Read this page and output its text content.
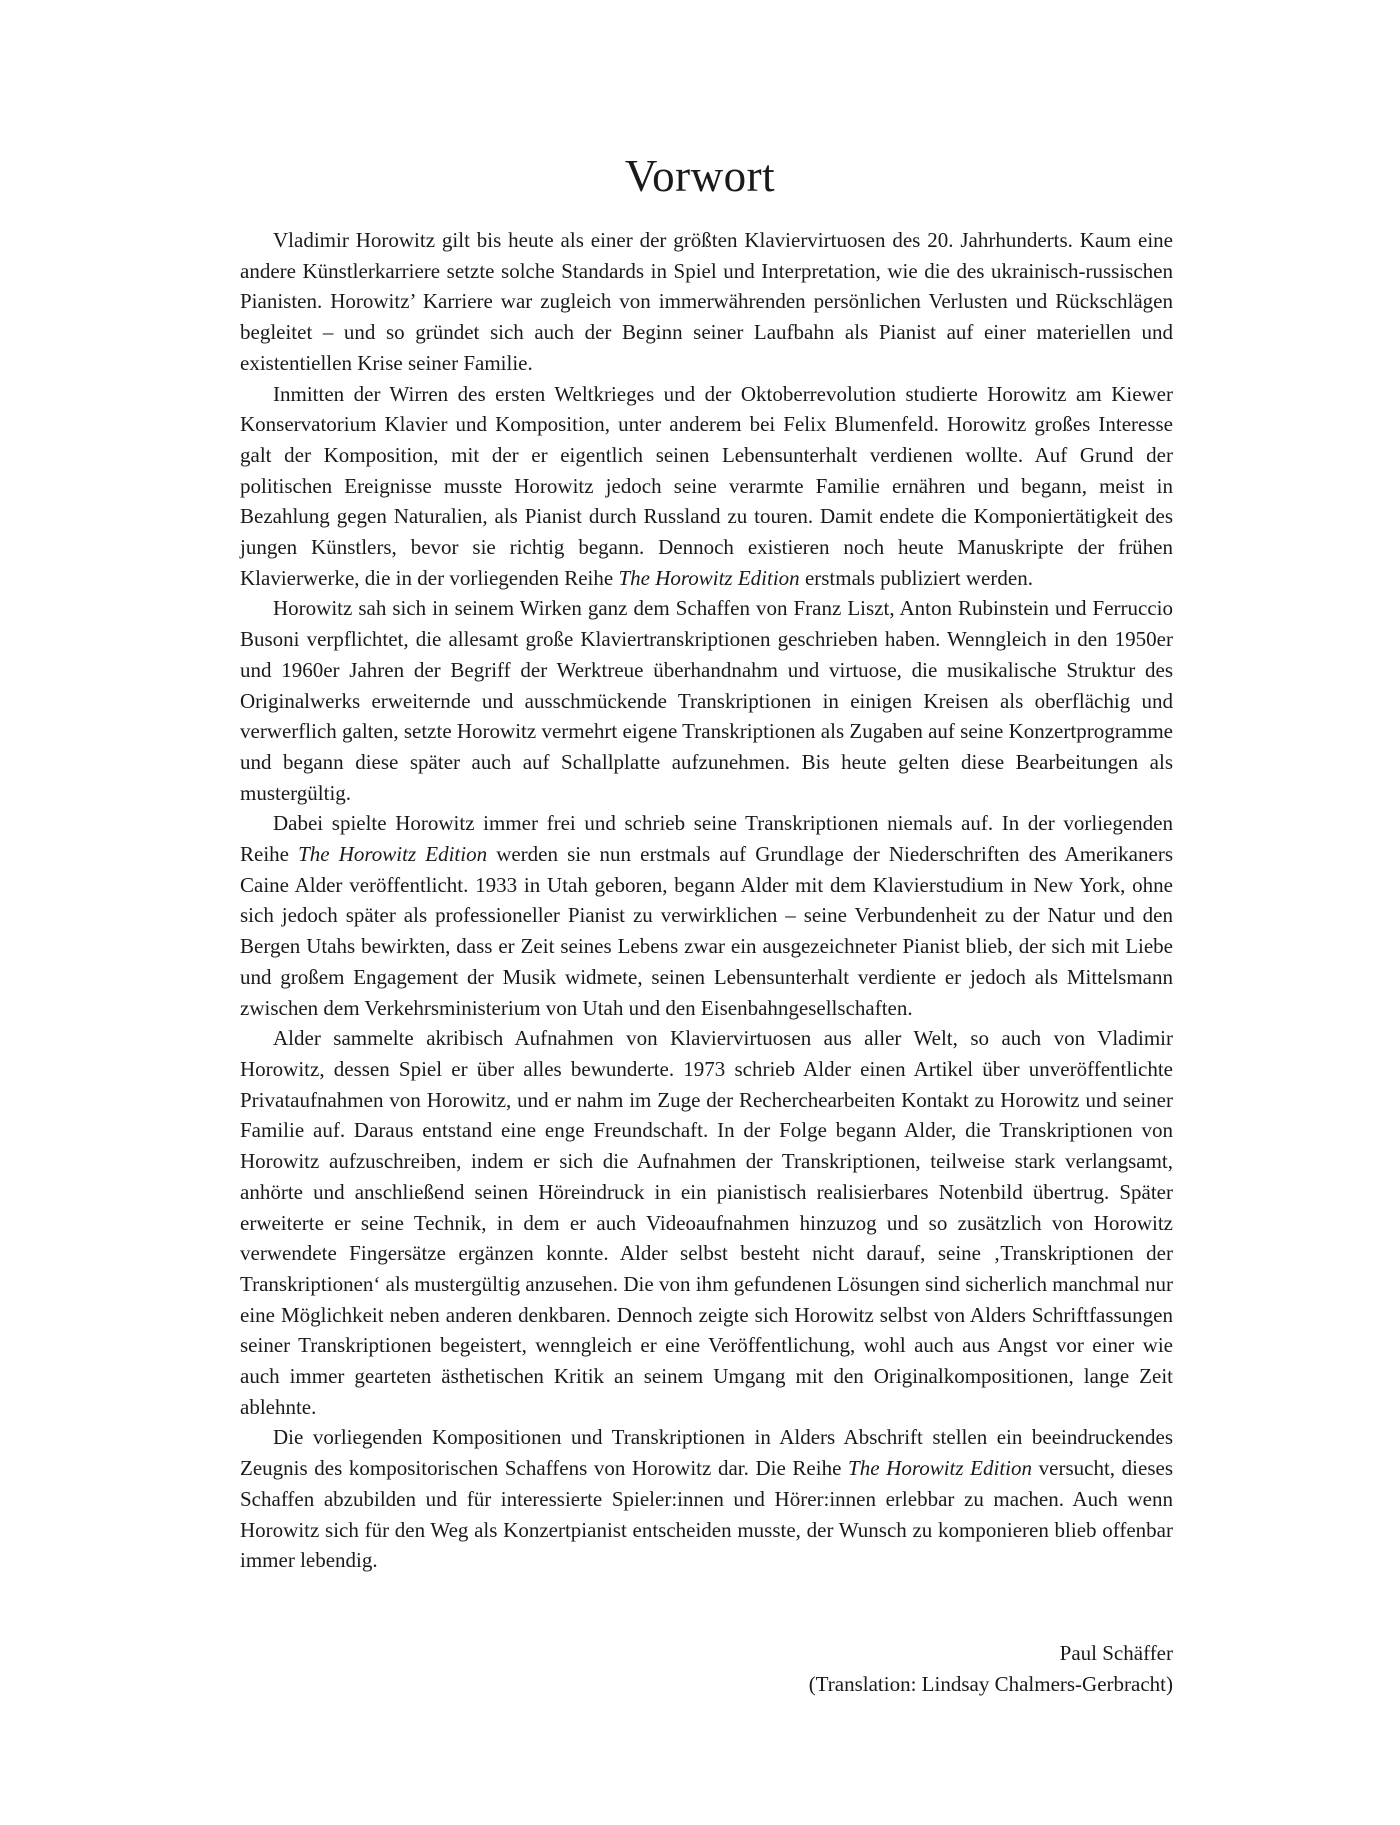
Vorwort

Vladimir Horowitz gilt bis heute als einer der größten Klaviervirtuosen des 20. Jahrhunderts. Kaum eine andere Künstlerkarriere setzte solche Standards in Spiel und Interpretation, wie die des ukrainisch-russischen Pianisten. Horowitz’ Karriere war zugleich von immerwährenden persönlichen Verlusten und Rückschlägen begleitet – und so gründet sich auch der Beginn seiner Laufbahn als Pianist auf einer materiellen und existentiellen Krise seiner Familie.

Inmitten der Wirren des ersten Weltkrieges und der Oktoberrevolution studierte Horowitz am Kiewer Konservatorium Klavier und Komposition, unter anderem bei Felix Blumenfeld. Horowitz großes Interesse galt der Komposition, mit der er eigentlich seinen Lebensunterhalt verdienen wollte. Auf Grund der politischen Ereignisse musste Horowitz jedoch seine verarmte Familie ernähren und begann, meist in Bezahlung gegen Naturalien, als Pianist durch Russland zu touren. Damit endete die Komponiertätigkeit des jungen Künstlers, bevor sie richtig begann. Dennoch existieren noch heute Manuskripte der frühen Klavierwerke, die in der vorliegenden Reihe The Horowitz Edition erstmals publiziert werden.

Horowitz sah sich in seinem Wirken ganz dem Schaffen von Franz Liszt, Anton Rubinstein und Ferruccio Busoni verpflichtet, die allesamt große Klaviertranskriptionen geschrieben haben. Wenngleich in den 1950er und 1960er Jahren der Begriff der Werktreue überhandnahm und virtuose, die musikalische Struktur des Originalwerks erweiternde und ausschmückende Transkriptionen in einigen Kreisen als oberflächig und verwerflich galten, setzte Horowitz vermehrt eigene Transkriptionen als Zugaben auf seine Konzertprogramme und begann diese später auch auf Schallplatte aufzunehmen. Bis heute gelten diese Bearbeitungen als mustergültig.

Dabei spielte Horowitz immer frei und schrieb seine Transkriptionen niemals auf. In der vorliegenden Reihe The Horowitz Edition werden sie nun erstmals auf Grundlage der Niederschriften des Amerikaners Caine Alder veröffentlicht. 1933 in Utah geboren, begann Alder mit dem Klavierstudium in New York, ohne sich jedoch später als professioneller Pianist zu verwirklichen – seine Verbundenheit zu der Natur und den Bergen Utahs bewirkten, dass er Zeit seines Lebens zwar ein ausgezeichneter Pianist blieb, der sich mit Liebe und großem Engagement der Musik widmete, seinen Lebensunterhalt verdiente er jedoch als Mittelsmann zwischen dem Verkehrsministerium von Utah und den Eisenbahngesellschaften.

Alder sammelte akribisch Aufnahmen von Klaviervirtuosen aus aller Welt, so auch von Vladimir Horowitz, dessen Spiel er über alles bewunderte. 1973 schrieb Alder einen Artikel über unveröffentlichte Privataufnahmen von Horowitz, und er nahm im Zuge der Recherchearbeiten Kontakt zu Horowitz und seiner Familie auf. Daraus entstand eine enge Freundschaft. In der Folge begann Alder, die Transkriptionen von Horowitz aufzuschreiben, indem er sich die Aufnahmen der Transkriptionen, teilweise stark verlangsamt, anhörte und anschließend seinen Höreindruck in ein pianistisch realisierbares Notenbild übertrug. Später erweiterte er seine Technik, in dem er auch Videoaufnahmen hinzuzog und so zusätzlich von Horowitz verwendete Fingersätze ergänzen konnte. Alder selbst besteht nicht darauf, seine ‚Transkriptionen der Transkriptionen‘ als mustergültig anzusehen. Die von ihm gefundenen Lösungen sind sicherlich manchmal nur eine Möglichkeit neben anderen denkbaren. Dennoch zeigte sich Horowitz selbst von Alders Schriftfassungen seiner Transkriptionen begeistert, wenngleich er eine Veröffentlichung, wohl auch aus Angst vor einer wie auch immer gearteten ästhetischen Kritik an seinem Umgang mit den Originalkompositionen, lange Zeit ablehnte.

Die vorliegenden Kompositionen und Transkriptionen in Alders Abschrift stellen ein beeindruckendes Zeugnis des kompositorischen Schaffens von Horowitz dar. Die Reihe The Horowitz Edition versucht, dieses Schaffen abzubilden und für interessierte Spieler:innen und Hörer:innen erlebbar zu machen. Auch wenn Horowitz sich für den Weg als Konzertpianist entscheiden musste, der Wunsch zu komponieren blieb offenbar immer lebendig.

Paul Schäffer
(Translation: Lindsay Chalmers-Gerbracht)
